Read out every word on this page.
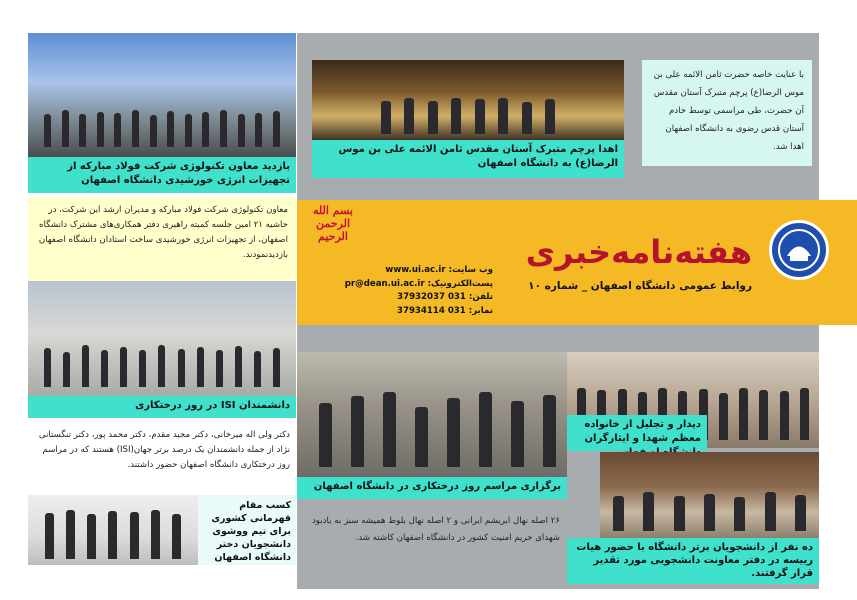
بازدید معاون تکنولوژی شرکت فولاد مبارکه از تجهیزات انرژی خورشیدی دانشگاه اصفهان
معاون تکنولوژی شرکت فولاد مبارکه و مدیران ارشد این شرکت، در حاشیه ۲۱ امین جلسه کمیته راهبری دفتر همکاری‌های مشترک دانشگاه اصفهان، از تجهیزات انرژی خورشیدی ساخت استادان دانشگاه اصفهان بازدیدنمودند.
دانشمندان ISI در روز درختکاری
دکتر ولی اله میرخانی، دکتر مجید مقدم، دکتر محمد پور، دکتر تنگستانی نژاد از جمله دانشمندان یک درصد برتر جهان(ISI) هستند که در مراسم روز درختکاری دانشگاه اصفهان حضور داشتند.
کسب مقام قهرمانی کشوری برای تیم ووشوی دانشجویان دختر دانشگاه اصفهان
اهدا پرچم متبرک آستان مقدس ثامن الائمه علی بن موس الرضا(ع) به دانشگاه اصفهان
با عنایت خاصه حضرت ثامن الائمه علی بن موس الرضا(ع) پرچم متبرک آستان مقدس آن حضرت، طی مراسمی توسط خادم آستان قدس رضوی به دانشگاه اصفهان اهدا شد.
بسم الله الرحمن الرحیم
وب سایت: www.ui.ac.ir
پست‌الکترونیک: pr@dean.ui.ac.ir
تلفن: 031 37932037
نمابر: 031 37934114
هفته‌نامه‌خبری
روابط عمومی دانشگاه اصفهان _ شماره ۱۰
برگزاری مراسم روز درختکاری در دانشگاه اصفهان
۲۶ اصله نهال ابریشم ایرانی و ۲ اصله نهال بلوط همیشه سبز به یادبود شهدای حریم امنیت کشور در دانشگاه اصفهان کاشته شد.
دیدار و تجلیل از خانواده معظم شهدا و ایثارگران
ده نفر از دانشجویان برتر دانشگاه با حضور هیات رییسه در دفتر معاونت دانشجویی مورد تقدیر قرار گرفتند.
